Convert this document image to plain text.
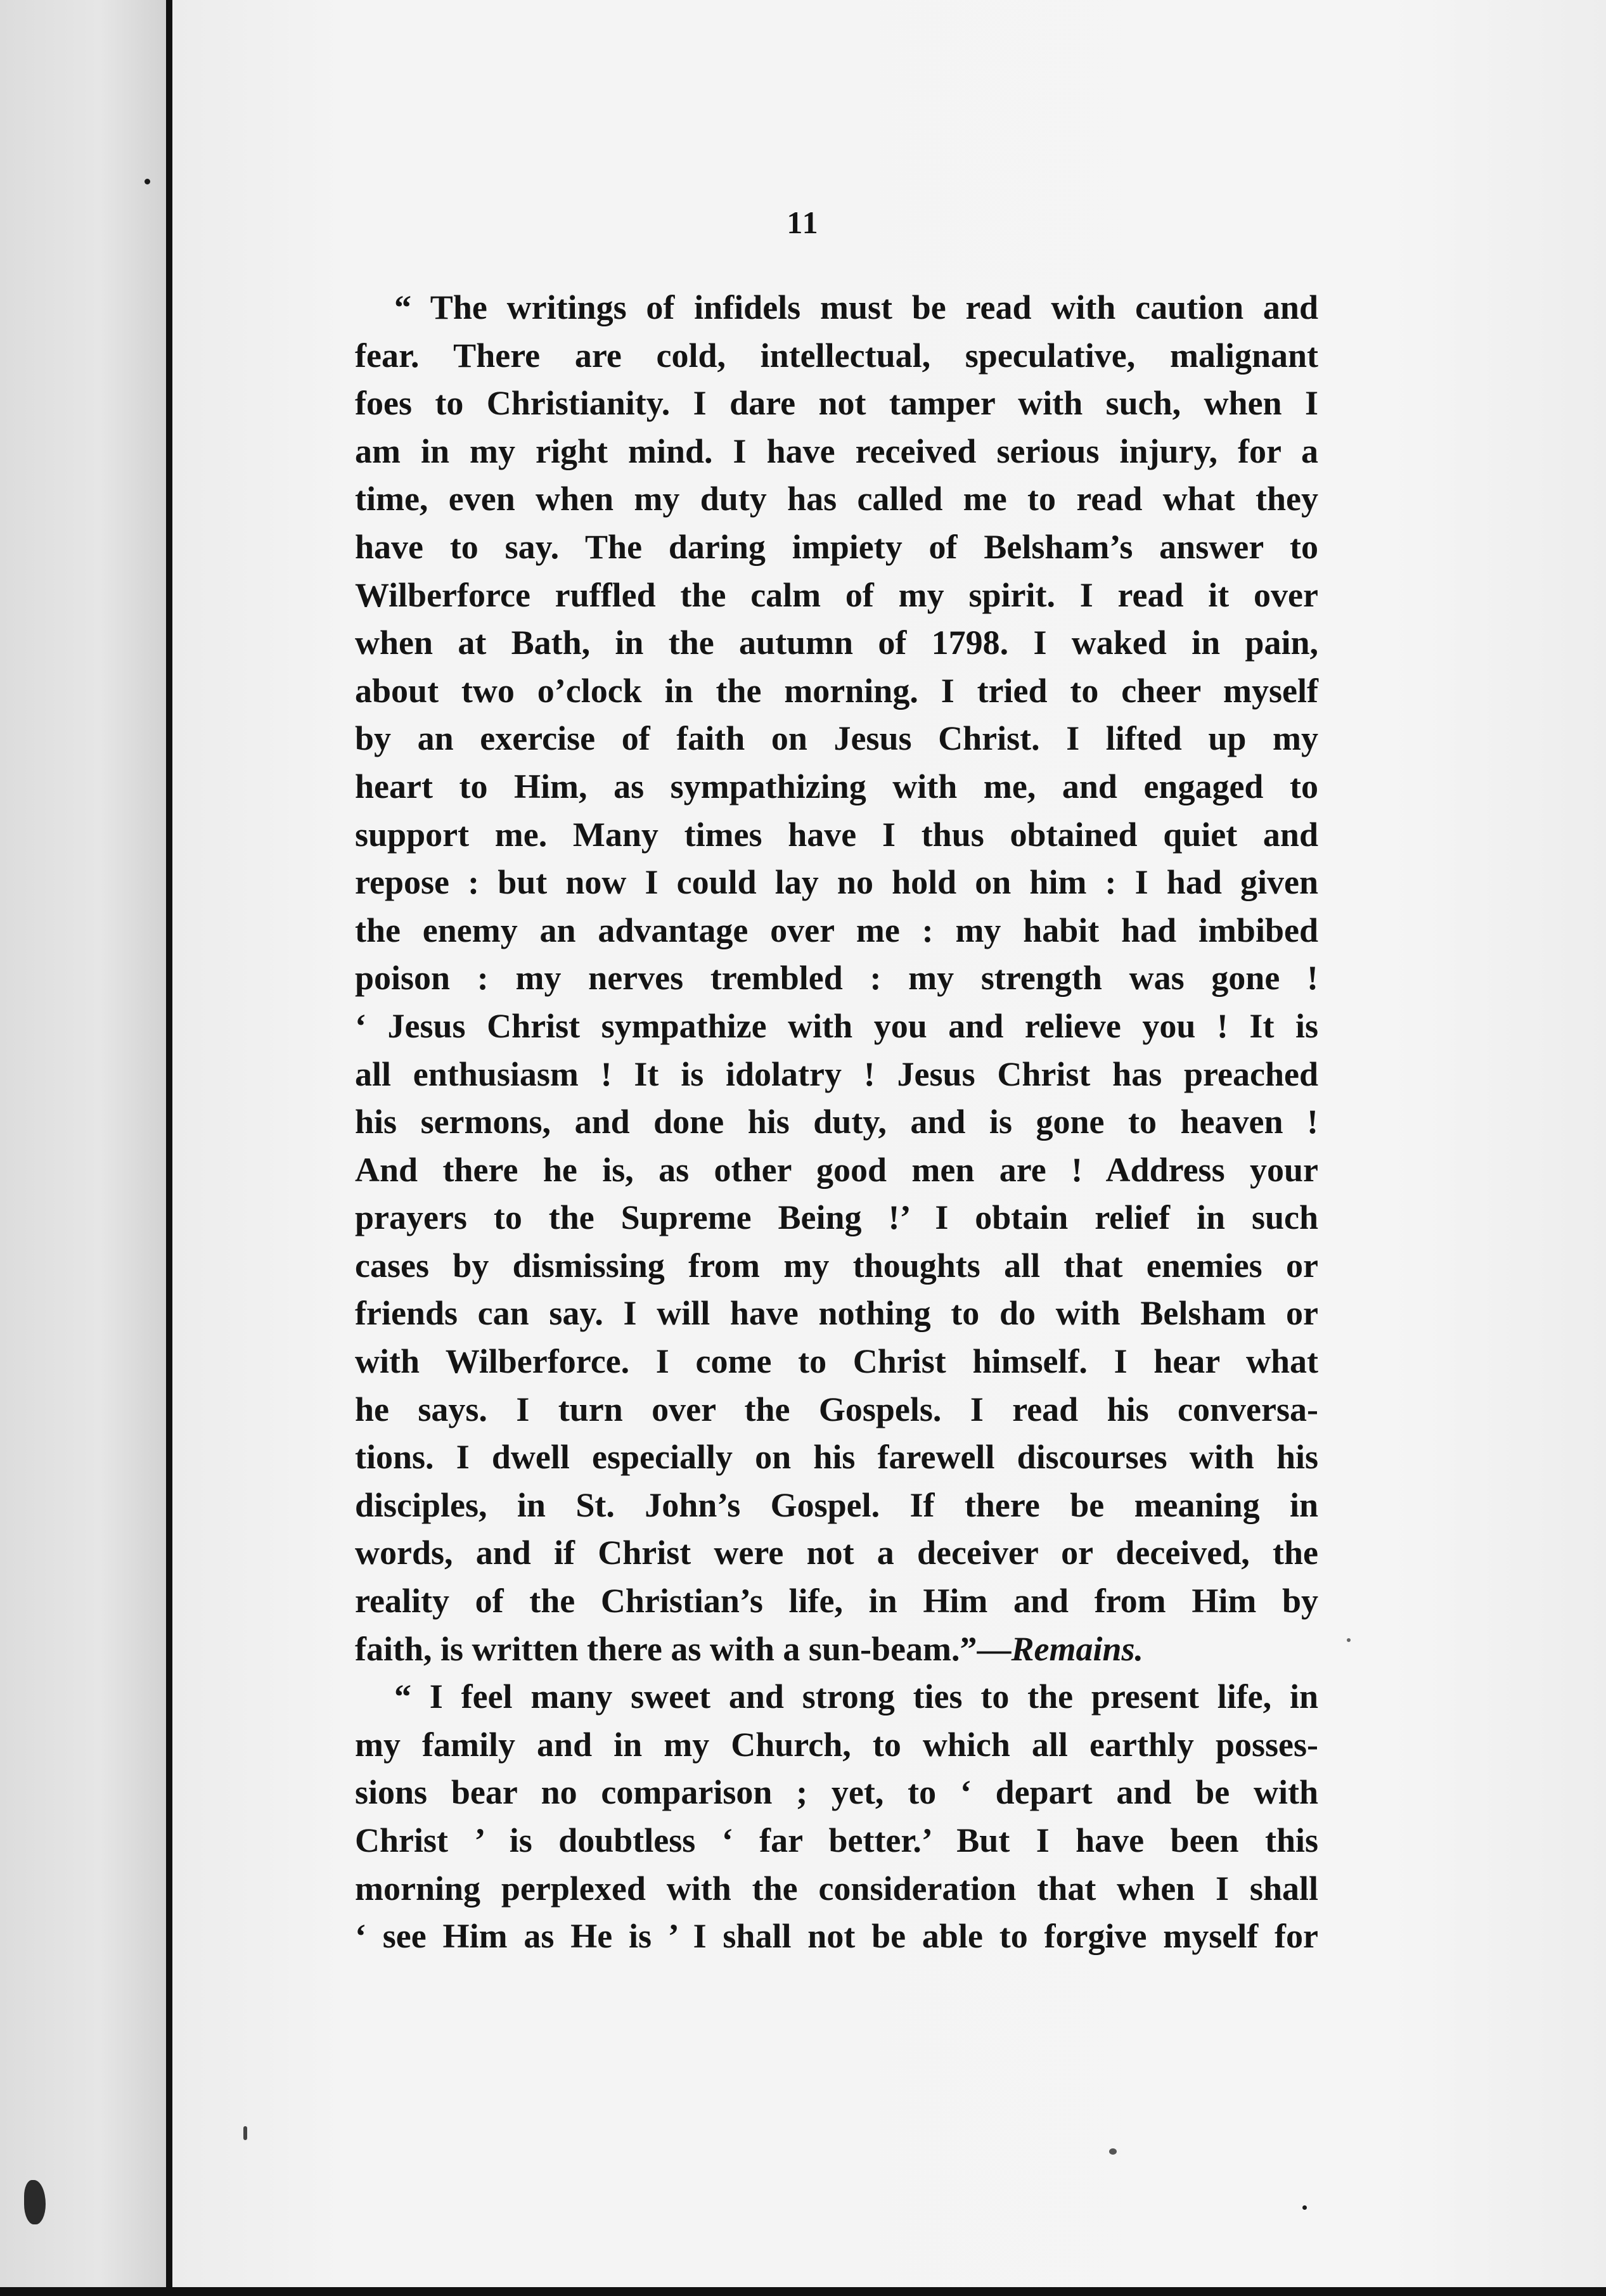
11
“ The writings of infidels must be read with caution and
fear. There are cold, intellectual, speculative, malignant
foes to Christianity. I dare not tamper with such, when I
am in my right mind. I have received serious injury, for a
time, even when my duty has called me to read what they
have to say. The daring impiety of Belsham’s answer to
Wilberforce ruffled the calm of my spirit. I read it over
when at Bath, in the autumn of 1798. I waked in pain,
about two o’clock in the morning. I tried to cheer myself
by an exercise of faith on Jesus Christ. I lifted up my
heart to Him, as sympathizing with me, and engaged to
support me. Many times have I thus obtained quiet and
repose : but now I could lay no hold on him : I had given
the enemy an advantage over me : my habit had imbibed
poison : my nerves trembled : my strength was gone !
‘ Jesus Christ sympathize with you and relieve you ! It is
all enthusiasm ! It is idolatry ! Jesus Christ has preached
his sermons, and done his duty, and is gone to heaven !
And there he is, as other good men are ! Address your
prayers to the Supreme Being !’ I obtain relief in such
cases by dismissing from my thoughts all that enemies or
friends can say. I will have nothing to do with Belsham or
with Wilberforce. I come to Christ himself. I hear what
he says. I turn over the Gospels. I read his conversa-
tions. I dwell especially on his farewell discourses with his
disciples, in St. John’s Gospel. If there be meaning in
words, and if Christ were not a deceiver or deceived, the
reality of the Christian’s life, in Him and from Him by
faith, is written there as with a sun-beam.”—Remains.
“ I feel many sweet and strong ties to the present life, in
my family and in my Church, to which all earthly posses-
sions bear no comparison ; yet, to ‘ depart and be with
Christ ’ is doubtless ‘ far better.’ But I have been this
morning perplexed with the consideration that when I shall
‘ see Him as He is ’ I shall not be able to forgive myself for
